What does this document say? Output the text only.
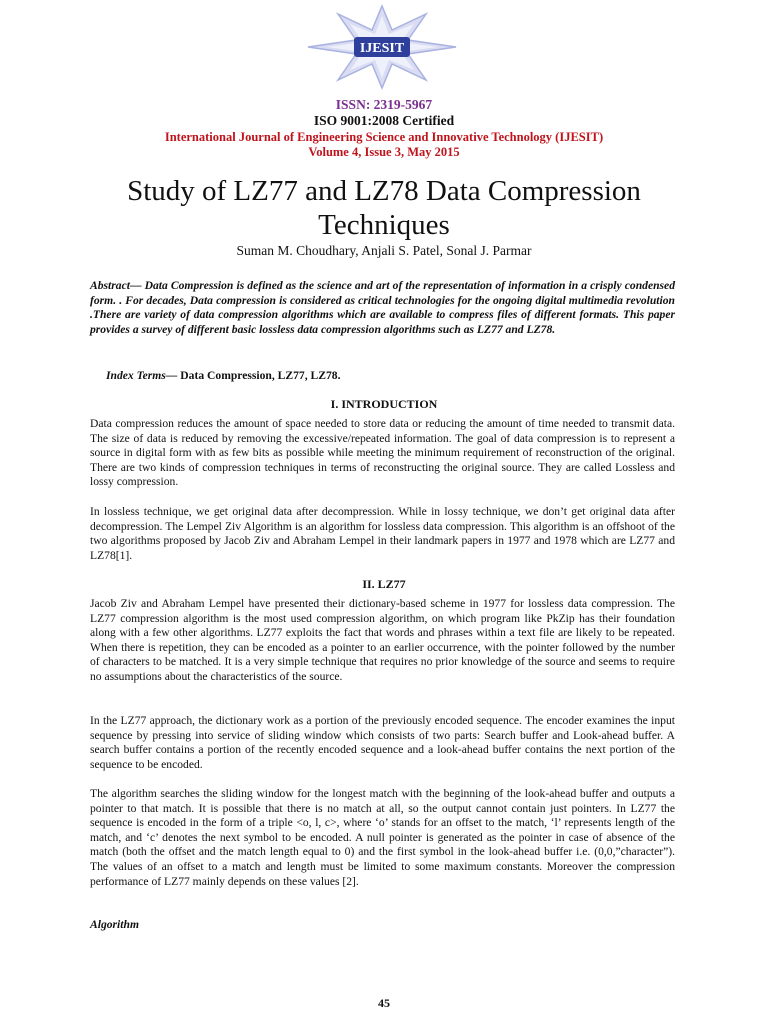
IJESIT
ISSN: 2319-5967
ISO 9001:2008 Certified
International Journal of Engineering Science and Innovative Technology (IJESIT)
Volume 4, Issue 3, May 2015
Study of LZ77 and LZ78 Data Compression Techniques
Suman M. Choudhary, Anjali S. Patel, Sonal J. Parmar
Abstract— Data Compression is defined as the science and art of the representation of information in a crisply condensed form. . For decades, Data compression is considered as critical technologies for the ongoing digital multimedia revolution .There are variety of data compression algorithms which are available to compress files of different formats. This paper provides a survey of different basic lossless data compression algorithms such as LZ77 and LZ78.
Index Terms— Data Compression, LZ77, LZ78.
I. INTRODUCTION

Data compression reduces the amount of space needed to store data or reducing the amount of time needed to transmit data. The size of data is reduced by removing the excessive/repeated information. The goal of data compression is to represent a source in digital form with as few bits as possible while meeting the minimum requirement of reconstruction of the original. There are two kinds of compression techniques in terms of reconstructing the original source. They are called Lossless and lossy compression.

In lossless technique, we get original data after decompression. While in lossy technique, we don’t get original data after decompression. The Lempel Ziv Algorithm is an algorithm for lossless data compression. This algorithm is an offshoot of the two algorithms proposed by Jacob Ziv and Abraham Lempel in their landmark papers in 1977 and 1978 which are LZ77 and LZ78[1].

II. LZ77

Jacob Ziv and Abraham Lempel have presented their dictionary-based scheme in 1977 for lossless data compression. The LZ77 compression algorithm is the most used compression algorithm, on which program like PkZip has their foundation along with a few other algorithms. LZ77 exploits the fact that words and phrases within a text file are likely to be repeated. When there is repetition, they can be encoded as a pointer to an earlier occurrence, with the pointer followed by the number of characters to be matched. It is a very simple technique that requires no prior knowledge of the source and seems to require no assumptions about the characteristics of the source.

In the LZ77 approach, the dictionary work as a portion of the previously encoded sequence. The encoder examines the input sequence by pressing into service of sliding window which consists of two parts: Search buffer and Look-ahead buffer. A search buffer contains a portion of the recently encoded sequence and a look-ahead buffer contains the next portion of the sequence to be encoded.

The algorithm searches the sliding window for the longest match with the beginning of the look-ahead buffer and outputs a pointer to that match. It is possible that there is no match at all, so the output cannot contain just pointers. In LZ77 the sequence is encoded in the form of a triple <o, l, c>, where ‘o’ stands for an offset to the match, ‘l’ represents length of the match, and ‘c’ denotes the next symbol to be encoded. A null pointer is generated as the pointer in case of absence of the match (both the offset and the match length equal to 0) and the first symbol in the look-ahead buffer i.e. (0,0,”character”). The values of an offset to a match and length must be limited to some maximum constants. Moreover the compression performance of LZ77 mainly depends on these values [2].

Algorithm
45
